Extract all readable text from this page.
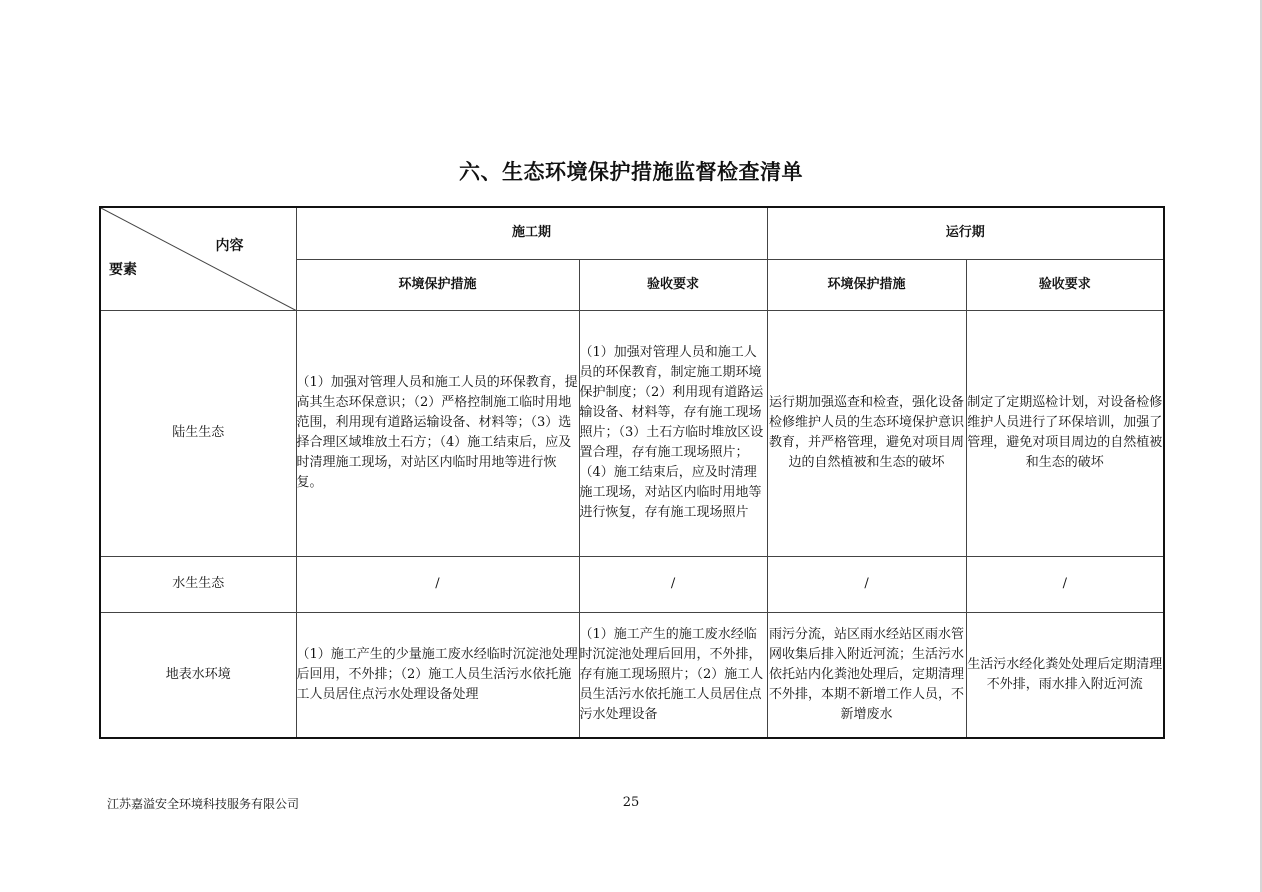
六、生态环境保护措施监督检查清单
内容
要素	施工期		运行期	
	环境保护措施	验收要求	环境保护措施	验收要求
陆生生态	（1）加强对管理人员和施工人员的环保教育，提高其生态环保意识；（2）严格控制施工临时用地范围，利用现有道路运输设备、材料等；（3）选择合理区域堆放土石方；（4）施工结束后，应及时清理施工现场，对站区内临时用地等进行恢复。	（1）加强对管理人员和施工人员的环保教育，制定施工期环境保护制度；（2）利用现有道路运输设备、材料等，存有施工现场照片；（3）土石方临时堆放区设置合理，存有施工现场照片；（4）施工结束后，应及时清理施工现场，对站区内临时用地等进行恢复，存有施工现场照片	运行期加强巡查和检查，强化设备检修维护人员的生态环境保护意识教育，并严格管理，避免对项目周边的自然植被和生态的破坏	制定了定期巡检计划，对设备检修维护人员进行了环保培训，加强了管理，避免对项目周边的自然植被和生态的破坏
水生生态	/	/	/	/
地表水环境	（1）施工产生的少量施工废水经临时沉淀池处理后回用，不外排；（2）施工人员生活污水依托施工人员居住点污水处理设备处理	（1）施工产生的施工废水经临时沉淀池处理后回用，不外排，存有施工现场照片；（2）施工人员生活污水依托施工人员居住点污水处理设备	雨污分流，站区雨水经站区雨水管网收集后排入附近河流；生活污水依托站内化粪池处理后，定期清理不外排，本期不新增工作人员，不新增废水	生活污水经化粪处处理后定期清理不外排，雨水排入附近河流
江苏嘉溢安全环境科技服务有限公司	25
